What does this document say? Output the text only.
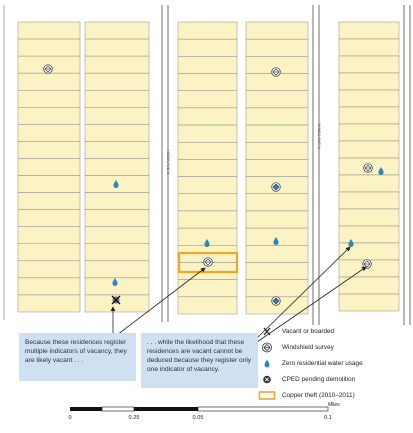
HOOK AVE N
JAMES AVE N
Because these residences register multiple indicators of vacancy, they are likely vacant . . .
. . . while the likelihood that these residences are vacant cannot be deduced because they register only one indicator of vacancy.
Vacant or boarded
Windshield survey
Zero residential water usage
CPED pending demolition
Copper theft (2010–2011)
Miles
0	0.25	0.05	0.1
